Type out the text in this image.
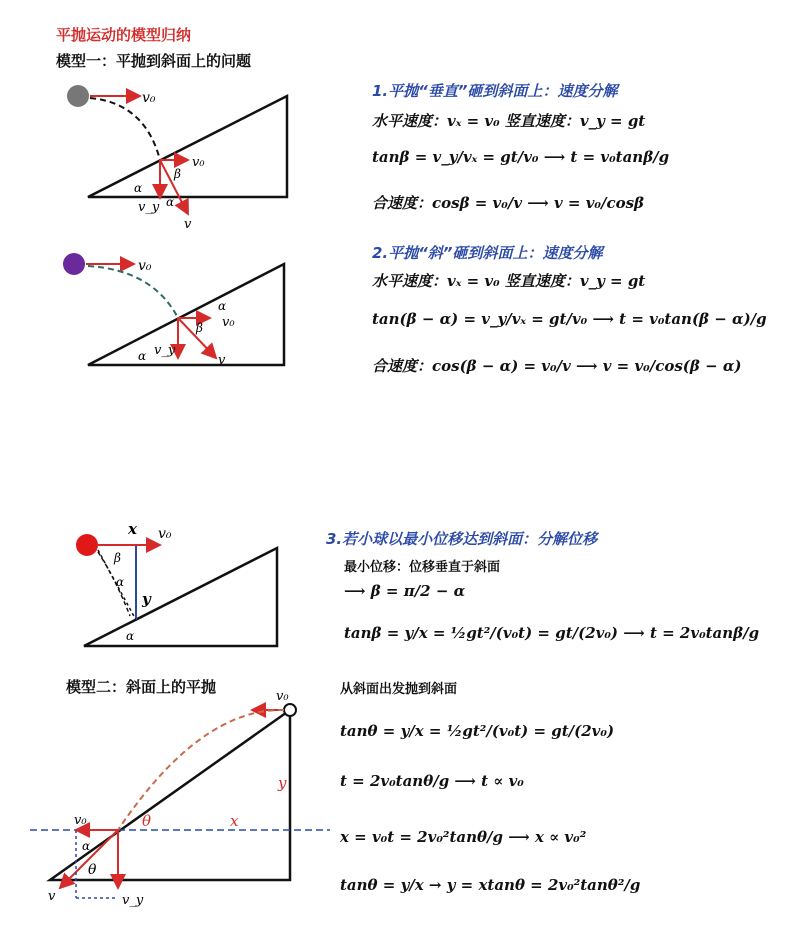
平抛运动的模型归纳
模型一：平抛到斜面上的问题
模型二：斜面上的平抛
1.平抛“垂直”砸到斜面上：速度分解
水平速度：vₓ = v₀ 竖直速度：v_y = gt
tanβ = v_y/vₓ = gt/v₀ ⟶ t = v₀tanβ/g
合速度：cosβ = v₀/v ⟶ v = v₀/cosβ
2.平抛“斜”砸到斜面上：速度分解
水平速度：vₓ = v₀ 竖直速度：v_y = gt
tan(β − α) = v_y/vₓ = gt/v₀ ⟶ t = v₀tan(β − α)/g
合速度：cos(β − α) = v₀/v ⟶ v = v₀/cos(β − α)
3.若小球以最小位移达到斜面：分解位移
最小位移：位移垂直于斜面
⟶ β = π/2 − α
tanβ = y/x = ½gt²/(v₀t) = gt/(2v₀) ⟶ t = 2v₀tanβ/g
从斜面出发抛到斜面
tanθ = y/x = ½gt²/(v₀t) = gt/(2v₀)
t = 2v₀tanθ/g ⟶ t ∝ v₀
x = v₀t = 2v₀²tanθ/g ⟶ x ∝ v₀²
tanθ = y/x → y = xtanθ = 2v₀²tanθ²/g
v₀
v₀
v_y
v
β
α
α
v₀
v₀
v_y
v
β
α
α
x v₀
y
β
α
α
v₀
θ	x
y
v₀
α
θ
v	v_y
